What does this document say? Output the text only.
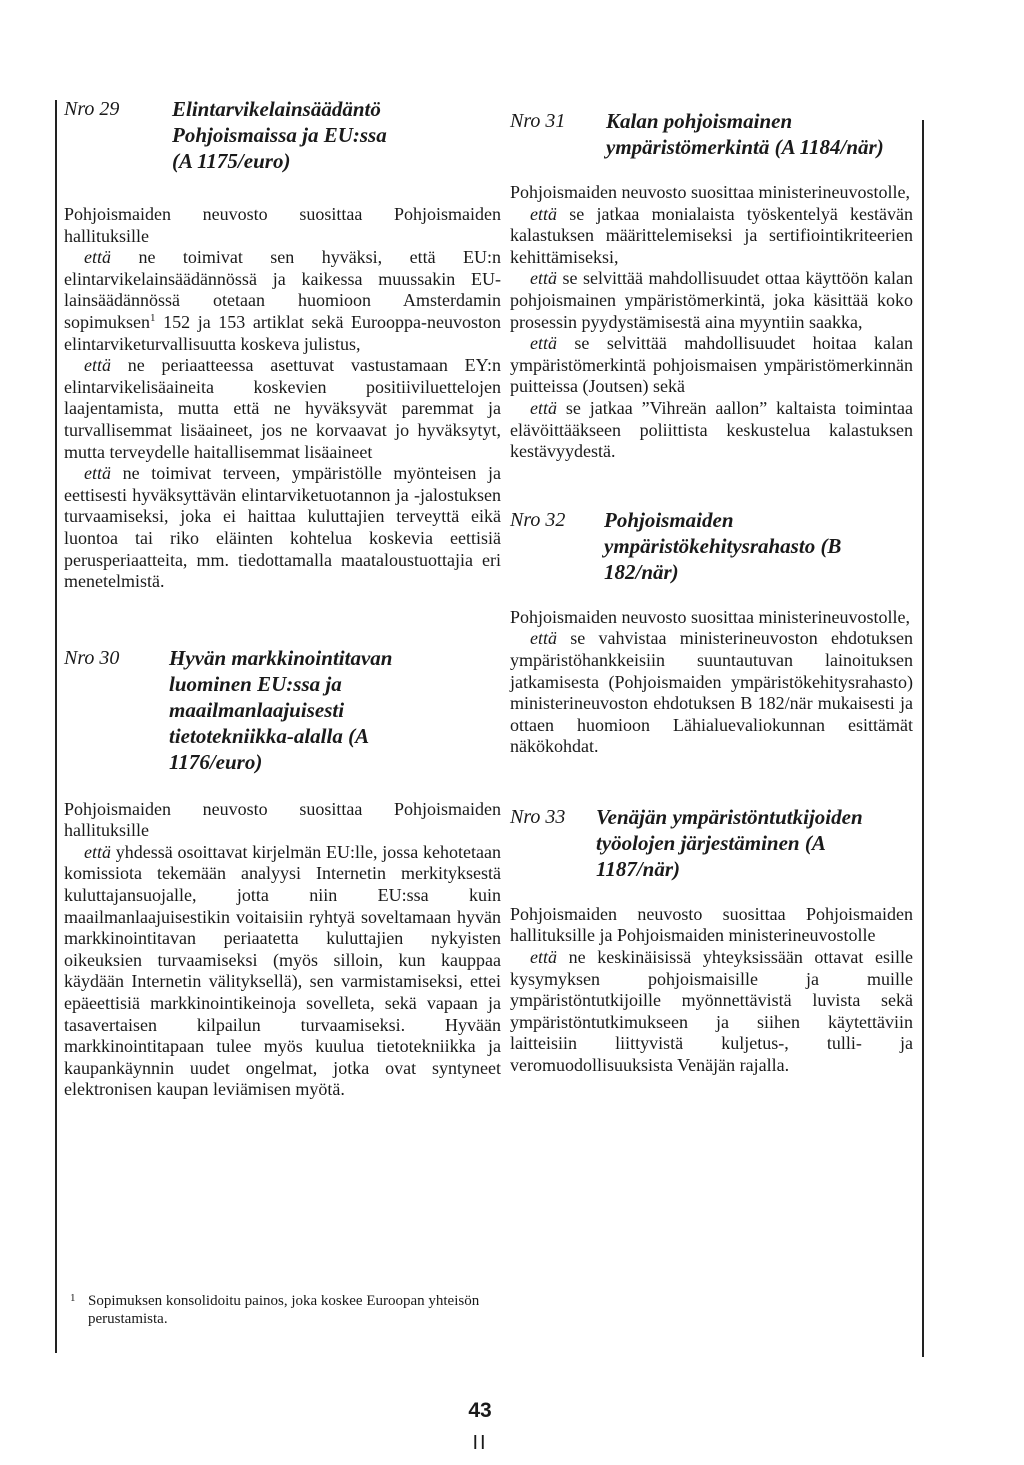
Nro 29	Elintarvikelainsäädäntö Pohjoismaissa ja EU:ssa (A 1175/euro)

Pohjoismaiden neuvosto suosittaa Pohjoismaiden hallituksille

että ne toimivat sen hyväksi, että EU:n elintarvikelainsäädännössä ja kaikessa muussakin EU-lainsäädännössä otetaan huomioon Amsterdamin sopimuksen$^1$ 152 ja 153 artiklat sekä Eurooppa-neuvoston elintarviketurvallisuutta koskeva julistus,

että ne periaatteessa asettuvat vastustamaan EY:n elintarvikelisäaineita koskevien positiiviluettelojen laajentamista, mutta että ne hyväksyvät paremmat ja turvallisemmat lisäaineet, jos ne korvaavat jo hyväksytyt, mutta terveydelle haitallisemmat lisäaineet

että ne toimivat terveen, ympäristölle myönteisen ja eettisesti hyväksyttävän elintarviketuotannon ja -jalostuksen turvaamiseksi, joka ei haittaa kuluttajien terveyttä eikä luontoa tai riko eläinten kohtelua koskevia eettisiä perusperiaatteita, mm. tiedottamalla maataloustuottajia eri menetelmistä.

Nro 30	Hyvän markkinointitavan luominen EU:ssa ja maailmanlaajuisesti tietotekniikka-alalla (A 1176/euro)

Pohjoismaiden neuvosto suosittaa Pohjoismaiden hallituksille

että yhdessä osoittavat kirjelmän EU:lle, jossa kehotetaan komissiota tekemään analyysi Internetin merkityksestä kuluttajansuojalle, jotta niin EU:ssa kuin maailmanlaajuisestikin voitaisiin ryhtyä soveltamaan hyvän markkinointitavan periaatetta kuluttajien nykyisten oikeuksien turvaamiseksi (myös silloin, kun kauppaa käydään Internetin välityksellä), sen varmistamiseksi, ettei epäeettisiä markkinointikeinoja sovelleta, sekä vapaan ja tasavertaisen kilpailun turvaamiseksi. Hyvään markkinointitapaan tulee myös kuulua tietotekniikka ja kaupankäynnin uudet ongelmat, jotka ovat syntyneet elektronisen kaupan leviämisen myötä.

Nro 31	Kalan pohjoismainen ympäristömerkintä (A 1184/när)

Pohjoismaiden neuvosto suosittaa ministerineuvostolle,

että se jatkaa monialaista työskentelyä kestävän kalastuksen määrittelemiseksi ja sertifiointikriteerien kehittämiseksi,

että se selvittää mahdollisuudet ottaa käyttöön kalan pohjoismainen ympäristömerkintä, joka käsittää koko prosessin pyydystämisestä aina myyntiin saakka,

että se selvittää mahdollisuudet hoitaa kalan ympäristömerkintä pohjoismaisen ympäristömerkinnän puitteissa (Joutsen) sekä

että se jatkaa ”Vihreän aallon” kaltaista toimintaa elävöittääkseen poliittista keskustelua kalastuksen kestävyydestä.

Nro 32	Pohjoismaiden ympäristökehitysrahasto (B 182/när)

Pohjoismaiden neuvosto suosittaa ministerineuvostolle,

että se vahvistaa ministerineuvoston ehdotuksen ympäristöhankkeisiin suuntautuvan lainoituksen jatkamisesta (Pohjoismaiden ympäristökehitysrahasto) ministerineuvoston ehdotuksen B 182/när mukaisesti ja ottaen huomioon Lähialuevaliokunnan esittämät näkökohdat.

Nro 33	Venäjän ympäristöntutkijoiden työolojen järjestäminen (A 1187/när)

Pohjoismaiden neuvosto suosittaa Pohjoismaiden hallituksille ja Pohjoismaiden ministerineuvostolle

että ne keskinäisissä yhteyksissään ottavat esille kysymyksen pohjoismaisille ja muille ympäristöntutkijoille myönnettävistä luvista sekä ympäristöntutkimukseen ja siihen käytettäviin laitteisiin liittyvistä kuljetus-, tulli- ja veromuodollisuuksista Venäjän rajalla.

1 Sopimuksen konsolidoitu painos, joka koskee Euroopan yhteisön perustamista.
43
II
